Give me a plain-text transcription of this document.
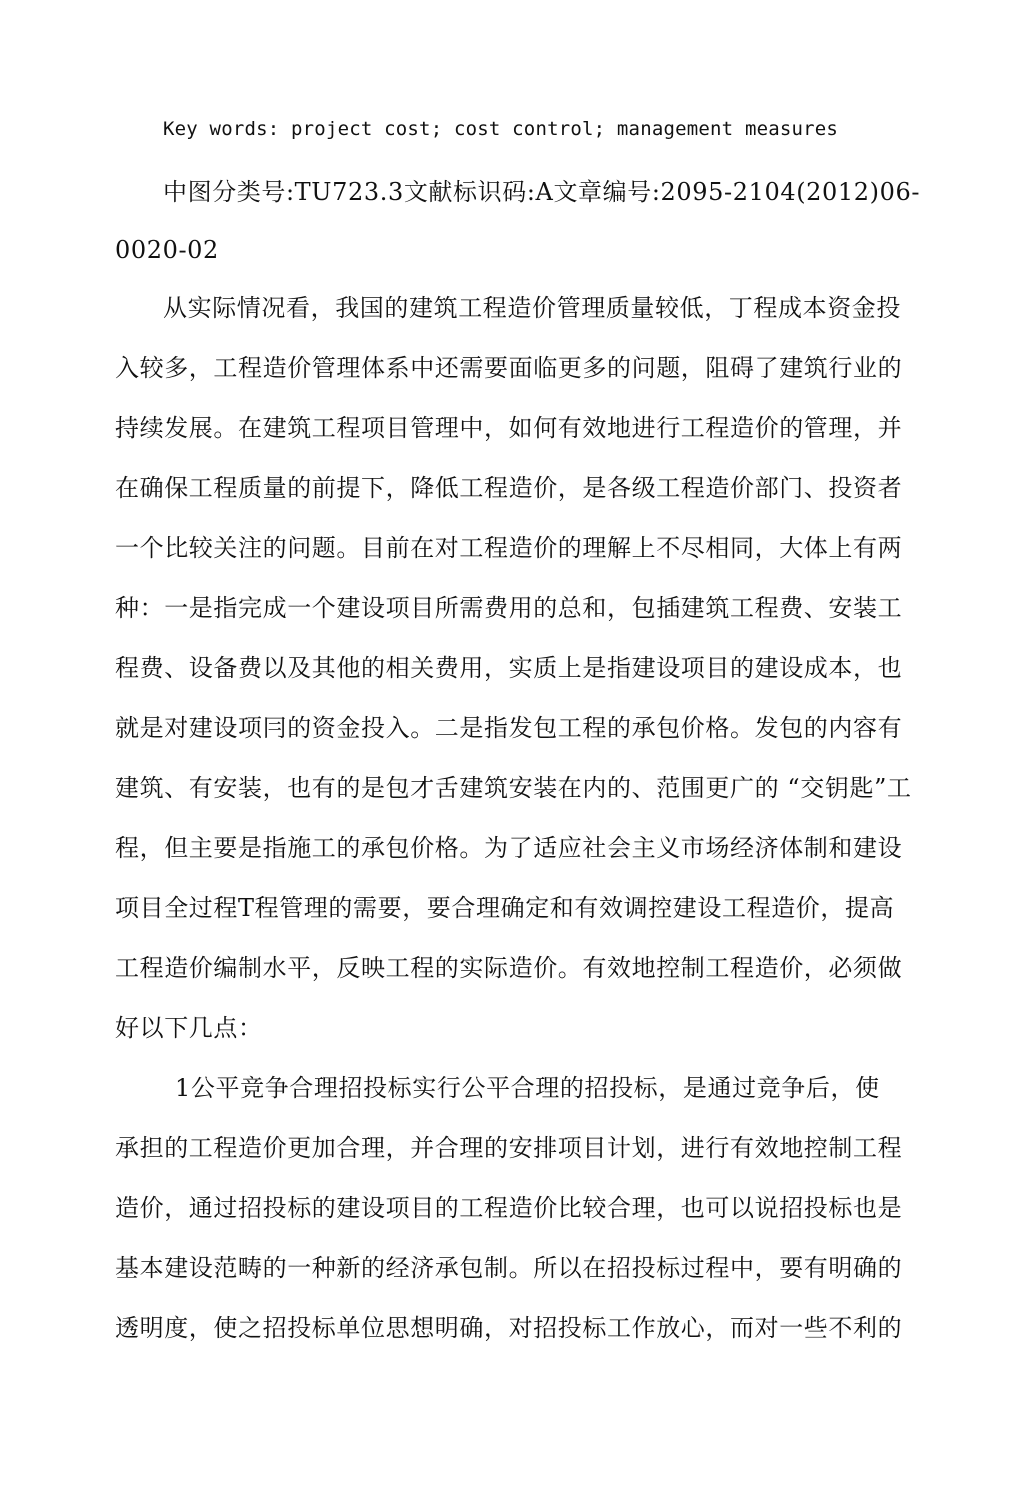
Key words: project cost; cost control; management measures
中图分类号:TU723.3文献标识码:A文章编号:2095-2104 (2012) 06-
0020-02
从实际情况看，我国的建筑工程造价管理质量较低，丁程成本资金投
入较多，工程造价管理体系中还需要面临更多的问题，阻碍了建筑行业的
持续发展。在建筑工程项目管理中，如何有效地进行工程造价的管理，并
在确保工程质量的前提下，降低工程造价，是各级工程造价部门、投资者
一个比较关注的问题。目前在对工程造价的理解上不尽相同，大体上有两
种：一是指完成一个建设项目所需费用的总和，包插建筑工程费、安装工
程费、设备费以及其他的相关费用，实质上是指建设项目的建设成本，也
就是对建设项冃的资金投入。二是指发包工程的承包价格。发包的内容有
建筑、有安装，也有的是包才舌建筑安装在内的、范围更广的 “交钥匙”工
程，但主要是指施工的承包价格。为了适应社会主义市场经济体制和建设
项目全过程T程管理的需要，要合理确定和有效调控建设工程造价，提高
工程造价编制水平，反映工程的实际造价。有效地控制工程造价，必须做
好以下几点：
1公平竞争合理招投标实行公平合理的招投标，是通过竞争后，使
承担的工程造价更加合理，并合理的安排项目计划，进行有效地控制工程
造价，通过招投标的建设项目的工程造价比较合理，也可以说招投标也是
基本建设范畴的一种新的经济承包制。所以在招投标过程中，要有明确的
透明度，使之招投标单位思想明确，对招投标工作放心，而对一些不利的
